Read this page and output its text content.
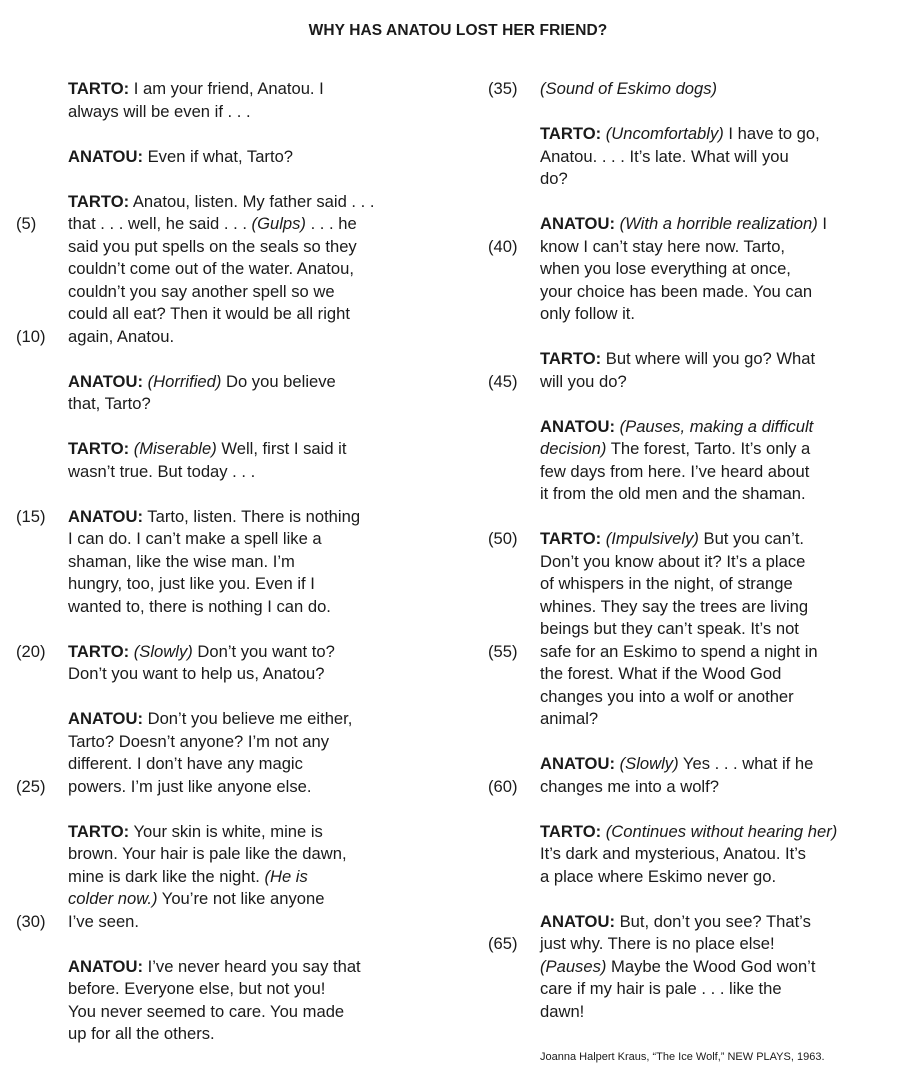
WHY HAS ANATOU LOST HER FRIEND?
TARTO: I am your friend, Anatou. I
always will be even if . . .
ANATOU: Even if what, Tarto?
TARTO: Anatou, listen. My father said . . .
(5)	that . . . well, he said . . . (Gulps) . . . he
said you put spells on the seals so they
couldn’t come out of the water. Anatou,
couldn’t you say another spell so we
could all eat? Then it would be all right
(10)	again, Anatou.
ANATOU: (Horrified) Do you believe
that, Tarto?
TARTO: (Miserable) Well, first I said it
wasn’t true. But today . . .
(15)	ANATOU: Tarto, listen. There is nothing
I can do. I can’t make a spell like a
shaman, like the wise man. I’m
hungry, too, just like you. Even if I
wanted to, there is nothing I can do.
(20)	TARTO: (Slowly) Don’t you want to?
Don’t you want to help us, Anatou?
ANATOU: Don’t you believe me either,
Tarto? Doesn’t anyone? I’m not any
different. I don’t have any magic
(25)	powers. I’m just like anyone else.
TARTO: Your skin is white, mine is
brown. Your hair is pale like the dawn,
mine is dark like the night. (He is
colder now.) You’re not like anyone
(30)	I’ve seen.
ANATOU: I’ve never heard you say that
before. Everyone else, but not you!
You never seemed to care. You made
up for all the others.
(35)	(Sound of Eskimo dogs)
TARTO: (Uncomfortably) I have to go,
Anatou. . . . It’s late. What will you
do?
ANATOU: (With a horrible realization) I
(40)	know I can’t stay here now. Tarto,
when you lose everything at once,
your choice has been made. You can
only follow it.
TARTO: But where will you go? What
(45)	will you do?
ANATOU: (Pauses, making a difficult
decision) The forest, Tarto. It’s only a
few days from here. I’ve heard about
it from the old men and the shaman.
(50)	TARTO: (Impulsively) But you can’t.
Don’t you know about it? It’s a place
of whispers in the night, of strange
whines. They say the trees are living
beings but they can’t speak. It’s not
(55)	safe for an Eskimo to spend a night in
the forest. What if the Wood God
changes you into a wolf or another
animal?
ANATOU: (Slowly) Yes . . . what if he
(60)	changes me into a wolf?
TARTO: (Continues without hearing her)
It’s dark and mysterious, Anatou. It’s
a place where Eskimo never go.
ANATOU: But, don’t you see? That’s
(65)	just why. There is no place else!
(Pauses) Maybe the Wood God won’t
care if my hair is pale . . . like the
dawn!
Joanna Halpert Kraus, “The Ice Wolf,” NEW PLAYS, 1963.
